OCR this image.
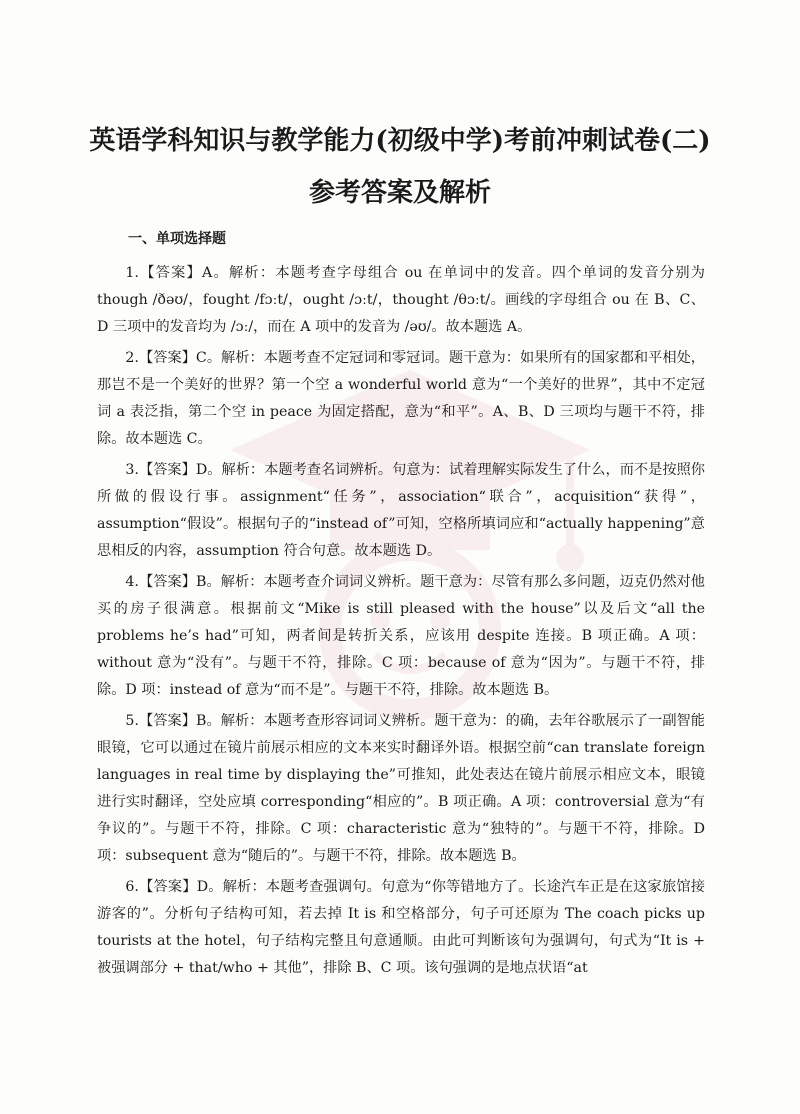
英语学科知识与教学能力(初级中学)考前冲刺试卷(二)
参考答案及解析
一、单项选择题

1.【答案】A。解析：本题考查字母组合 ou 在单词中的发音。四个单词的发音分别为 though /ðəʊ/，fought /fɔːt/，ought /ɔːt/，thought /θɔːt/。画线的字母组合 ou 在 B、C、D 三项中的发音均为 /ɔː/，而在 A 项中的发音为 /əʊ/。故本题选 A。

2.【答案】C。解析：本题考查不定冠词和零冠词。题干意为：如果所有的国家都和平相处，那岂不是一个美好的世界？第一个空 a wonderful world 意为“一个美好的世界”，其中不定冠词 a 表泛指，第二个空 in peace 为固定搭配，意为“和平”。A、B、D 三项均与题干不符，排除。故本题选 C。

3.【答案】D。解析：本题考查名词辨析。句意为：试着理解实际发生了什么，而不是按照你所做的假设行事。assignment“任务”，association“联合”，acquisition“获得”，assumption“假设”。根据句子的“instead of”可知，空格所填词应和“actually happening”意思相反的内容，assumption 符合句意。故本题选 D。

4.【答案】B。解析：本题考查介词词义辨析。题干意为：尽管有那么多问题，迈克仍然对他买的房子很满意。根据前文“Mike is still pleased with the house”以及后文“all the problems he’s had”可知，两者间是转折关系，应该用 despite 连接。B 项正确。A 项：without 意为“没有”。与题干不符，排除。C 项：because of 意为“因为”。与题干不符，排除。D 项：instead of 意为“而不是”。与题干不符，排除。故本题选 B。

5.【答案】B。解析：本题考查形容词词义辨析。题干意为：的确，去年谷歌展示了一副智能眼镜，它可以通过在镜片前展示相应的文本来实时翻译外语。根据空前“can translate foreign languages in real time by displaying the”可推知，此处表达在镜片前展示相应文本，眼镜进行实时翻译，空处应填 corresponding“相应的”。B 项正确。A 项：controversial 意为“有争议的”。与题干不符，排除。C 项：characteristic 意为“独特的”。与题干不符，排除。D 项：subsequent 意为“随后的”。与题干不符，排除。故本题选 B。

6.【答案】D。解析：本题考查强调句。句意为“你等错地方了。长途汽车正是在这家旅馆接游客的”。分析句子结构可知，若去掉 It is 和空格部分，句子可还原为 The coach picks up tourists at the hotel，句子结构完整且句意通顺。由此可判断该句为强调句，句式为“It is + 被强调部分 + that/who + 其他”，排除 B、C 项。该句强调的是地点状语“at
